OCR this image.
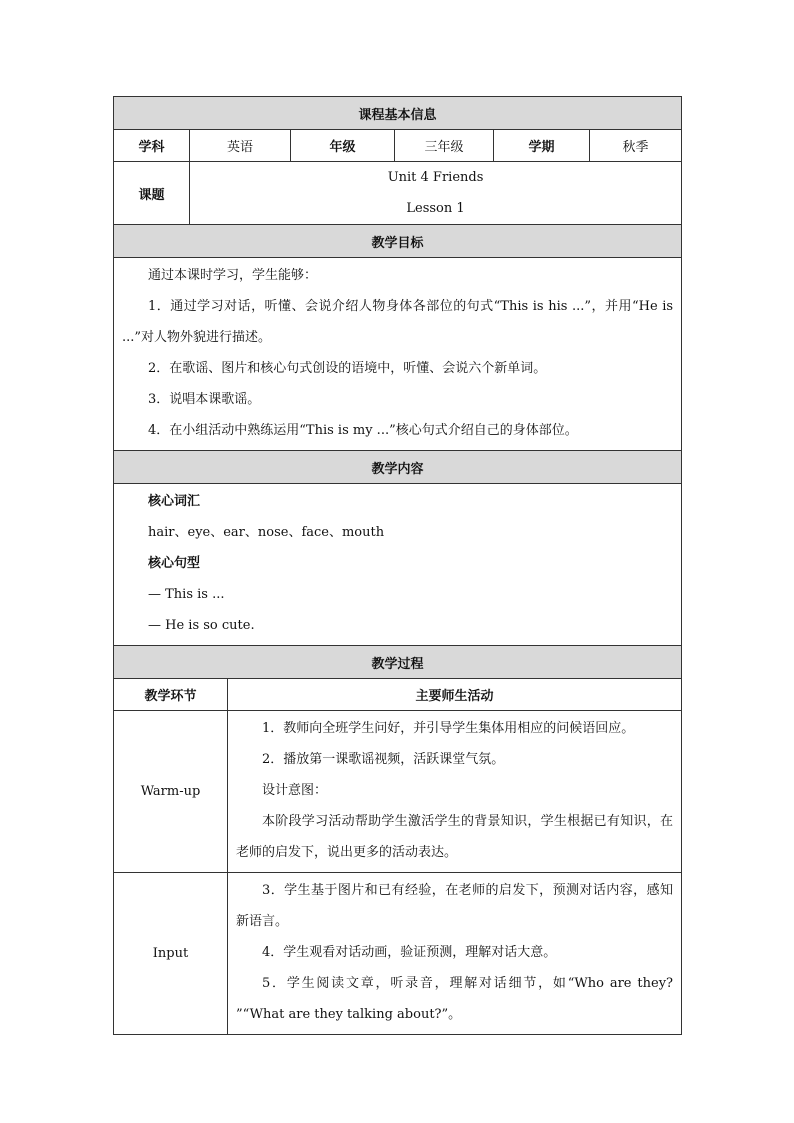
课程基本信息					
学科	英语	年级	三年级	学期	秋季
课题	Unit 4 Friends
Lesson 1				

教学目标					

通过本课时学习，学生能够：
1．通过学习对话，听懂、会说介绍人物身体各部位的句式“This is his ...”，并用“He is ...”对人物外貌进行描述。
2．在歌谣、图片和核心句式创设的语境中，听懂、会说六个新单词。
3．说唱本课歌谣。
4．在小组活动中熟练运用“This is my ...”核心句式介绍自己的身体部位。					

教学内容					

核心词汇
hair、eye、ear、nose、face、mouth
核心句型
— This is ...
— He is so cute.					
教学过程	
教学环节	主要师生活动
Warm-up	1．教师向全班学生问好，并引导学生集体用相应的问候语回应。
2．播放第一课歌谣视频，活跃课堂气氛。
设计意图：
本阶段学习活动帮助学生激活学生的背景知识，学生根据已有知识，在老师的启发下，说出更多的活动表达。

Input	3．学生基于图片和已有经验，在老师的启发下，预测对话内容，感知新语言。
4．学生观看对话动画，验证预测，理解对话大意。
5．学生阅读文章，听录音，理解对话细节，如“Who are they? ”“What are they talking about?”。
